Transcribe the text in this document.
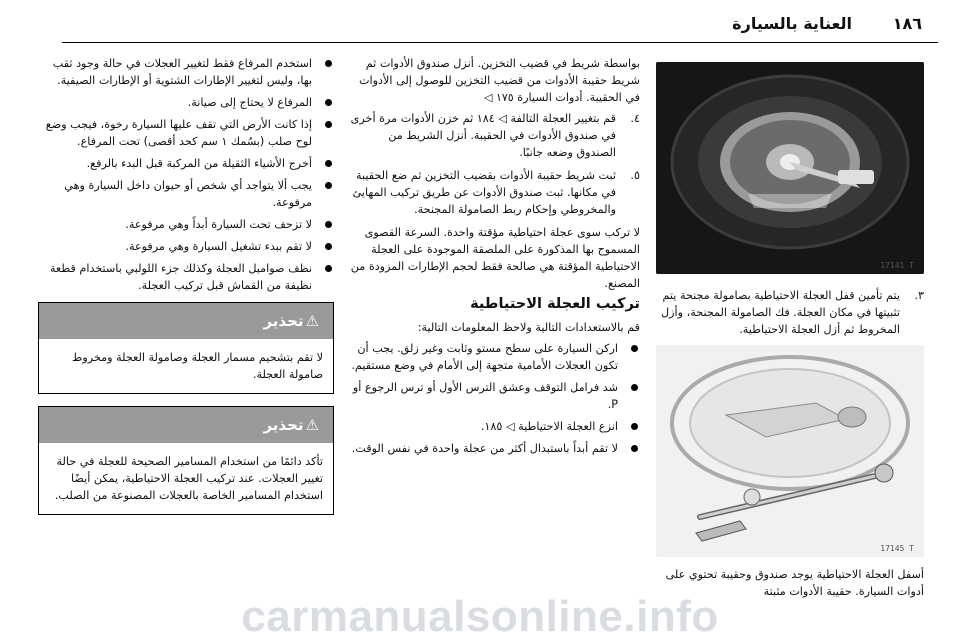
العناية بالسيارة	١٨٦
استخدم المرفاع فقط لتغيير العجلات في حالة وجود ثقب بها، وليس لتغيير الإطارات الشتوية أو الإطارات الصيفية.
المرفاع لا يحتاج إلى صيانة.
إذا كانت الأرض التي تقف عليها السيارة رخوة، فيجب وضع لوح صلب (بسُمك ١ سم كحد أقصى) تحت المرفاع.
أخرج الأشياء الثقيلة من المركبة قبل البدء بالرفع.
يجب ألا يتواجد أي شخص أو حيوان داخل السيارة وهي مرفوعة.
لا تزحف تحت السيارة أبداً وهي مرفوعة.
لا تقم ببدء تشغيل السيارة وهي مرفوعة.
نظف صواميل العجلة وكذلك جزء اللولبي باستخدام قطعة نظيفة من القماش قبل تركيب العجلة.
⚠تحذير
لا تقم بتشحيم مسمار العجلة وصامولة العجلة ومخروط صامولة العجلة.
⚠تحذير
تأكد دائمًا من استخدام المسامير الصحيحة للعجلة في حالة تغيير العجلات. عند تركيب العجلة الاحتياطية، يمكن أيضًا استخدام المسامير الخاصة بالعجلات المصنوعة من الصلب.

بواسطة شريط في قضيب التخزين. أنزل صندوق الأدوات ثم شريط حقيبة الأدوات من قضيب التخزين للوصول إلى الأدوات في الحقيبة. أدوات السيارة ١٧٥ ◁

٤.
قم بتغيير العجلة التالفة ◁ ١٨٤ ثم خزن الأدوات مرة أخرى في صندوق الأدوات في الحقيبة. أنزل الشريط من الصندوق وضعه جانبًا.
٥.
ثبت شريط حقيبة الأدوات بقضيب التخزين ثم ضع الحقيبة في مكانها. ثبت صندوق الأدوات عن طريق تركيب المهايئ والمخروطي وإحكام ربط الصامولة المجنحة.

لا تركب سوى عجلة احتياطية مؤقتة واحدة. السرعة القصوى المسموح بها المذكورة على الملصقة الموجودة على العجلة الاحتياطية المؤقتة هي صالحة فقط لحجم الإطارات المزودة من المصنع.

تركيب العجلة الاحتياطية

قم بالاستعدادات التالية ولاحظ المعلومات التالية:

اركن السيارة على سطح مستو وثابت وغير زلق. يجب أن تكون العجلات الأمامية متجهة إلى الأمام في وضع مستقيم.
شد فرامل التوقف وعشق الترس الأول أو ترس الرجوع أو P.
انزع العجلة الاحتياطية ◁ ١٨٥.
لا تقم أبداً باستبدال أكثر من عجلة واحدة في نفس الوقت.
17141 T
٣.
يتم تأمين قفل العجلة الاحتياطية بصامولة مجنحة يتم تثبيتها في مكان العجلة. فك الصامولة المجنحة، وأزل المخروط ثم أزل العجلة الاحتياطية.
17145 T
أسفل العجلة الاحتياطية يوجد صندوق وحقيبة تحتوي على أدوات السيارة. حقيبة الأدوات مثبتة
carmanualsonline.info
